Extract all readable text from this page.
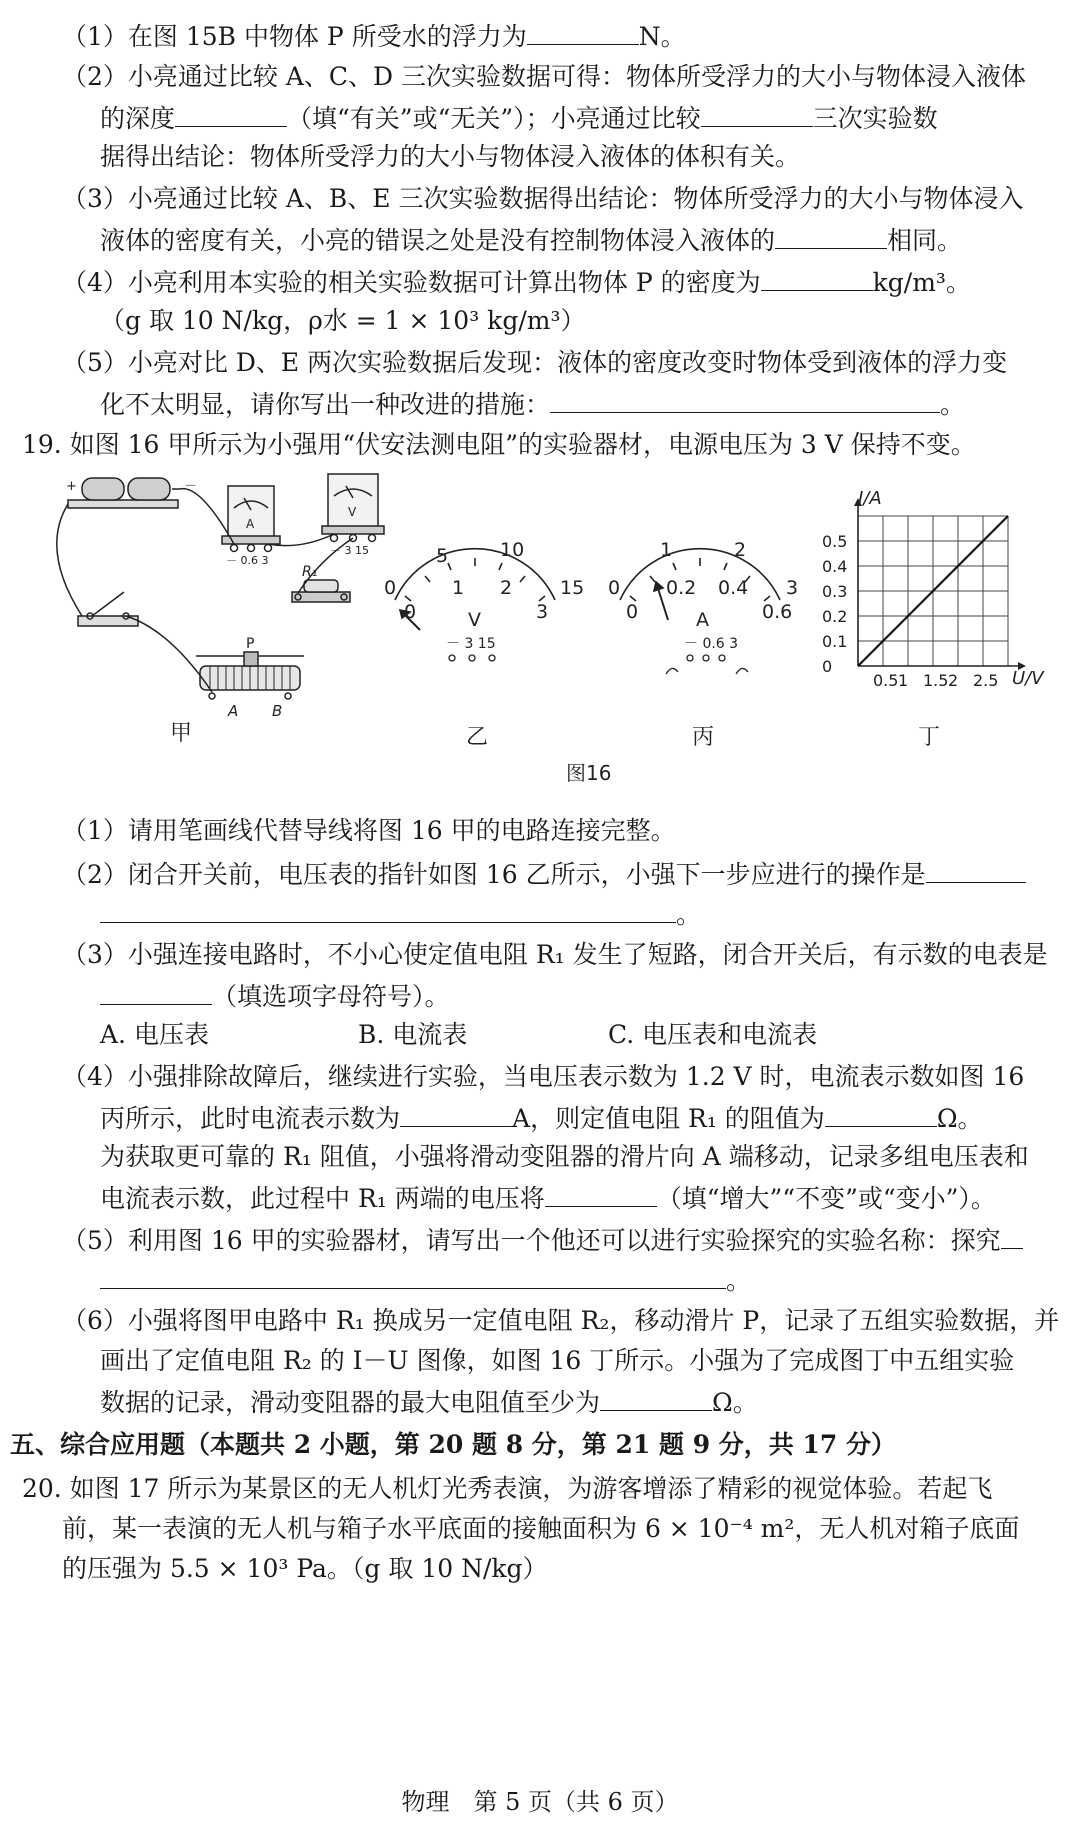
（1）在图 15B 中物体 P 所受水的浮力为	N。
（2）小亮通过比较 A、C、D 三次实验数据可得：物体所受浮力的大小与物体浸入液体
的深度	（填“有关”或“无关”）；小亮通过比较	三次实验数
据得出结论：物体所受浮力的大小与物体浸入液体的体积有关。
（3）小亮通过比较 A、B、E 三次实验数据得出结论：物体所受浮力的大小与物体浸入
液体的密度有关，小亮的错误之处是没有控制物体浸入液体的	相同。
（4）小亮利用本实验的相关实验数据可计算出物体 P 的密度为	kg/m³。
（g 取 10 N/kg，ρ水 = 1 × 10³ kg/m³）
（5）小亮对比 D、E 两次实验数据后发现：液体的密度改变时物体受到液体的浮力变
化不太明显，请你写出一种改进的措施：	。
19. 如图 16 甲所示为小强用“伏安法测电阻”的实验器材，电源电压为 3 V 保持不变。
+	－
A
－ 0.6 3
V
－ 3 15
R₁
P
A B
0
5	10
15
0
1 2
3
V
－ 3 15
0
1	2
3
0
0.2 0.4
0.6
A
－ 0.6 3
0.5 1 1.5 2 2.5
0
0.1
0.2
0.3
0.4
0.5
I/A
U/V
甲	乙	丙	丁
图16
（1）请用笔画线代替导线将图 16 甲的电路连接完整。
（2）闭合开关前，电压表的指针如图 16 乙所示，小强下一步应进行的操作是
。
（3）小强连接电路时，不小心使定值电阻 R₁ 发生了短路，闭合开关后，有示数的电表是
（填选项字母符号）。
A. 电压表	B. 电流表	C. 电压表和电流表
（4）小强排除故障后，继续进行实验，当电压表示数为 1.2 V 时，电流表示数如图 16
丙所示，此时电流表示数为	A，则定值电阻 R₁ 的阻值为	Ω。
为获取更可靠的 R₁ 阻值，小强将滑动变阻器的滑片向 A 端移动，记录多组电压表和
电流表示数，此过程中 R₁ 两端的电压将	（填“增大”“不变”或“变小”）。
（5）利用图 16 甲的实验器材，请写出一个他还可以进行实验探究的实验名称：探究
。
（6）小强将图甲电路中 R₁ 换成另一定值电阻 R₂，移动滑片 P，记录了五组实验数据，并
画出了定值电阻 R₂ 的 I－U 图像，如图 16 丁所示。小强为了完成图丁中五组实验
数据的记录，滑动变阻器的最大电阻值至少为	Ω。
五、综合应用题（本题共 2 小题，第 20 题 8 分，第 21 题 9 分，共 17 分）
20. 如图 17 所示为某景区的无人机灯光秀表演，为游客增添了精彩的视觉体验。若起飞
前，某一表演的无人机与箱子水平底面的接触面积为 6 × 10⁻⁴ m²，无人机对箱子底面
的压强为 5.5 × 10³ Pa。（g 取 10 N/kg）
物理　第 5 页（共 6 页）
